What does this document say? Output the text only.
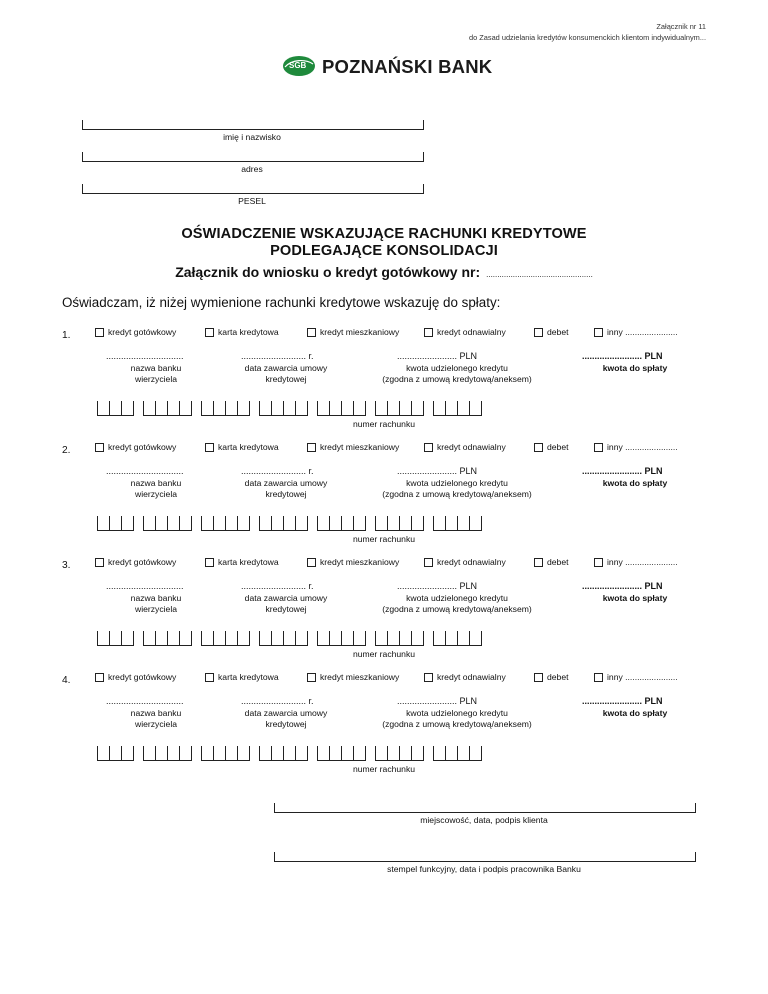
Załącznik nr 11
do Zasad udzielania kredytów konsumenckich klientom indywidualnym...
SGB POZNAŃSKI BANK
imię i nazwisko
adres
PESEL
OŚWIADCZENIE WSKAZUJĄCE RACHUNKI KREDYTOWE
PODLEGAJĄCE KONSOLIDACJI
Załącznik do wniosku o kredyt gotówkowy nr: ................................................
Oświadczam, iż niżej wymienione rachunki kredytowe wskazuję do spłaty:
1.	kredyt gotówkowy	karta kredytowa	kredyt mieszkaniowy	kredyt odnawialny	debet	inny ......................
...............................	.......................... r.	........................ PLN	........................ PLN
nazwa banku
wierzyciela
data zawarcia umowy
kredytowej
kwota udzielonego kredytu
(zgodna z umową kredytową/aneksem)
kwota do spłaty
numer rachunku
2.	kredyt gotówkowy	karta kredytowa	kredyt mieszkaniowy	kredyt odnawialny	debet	inny ......................
...............................	.......................... r.	........................ PLN	........................ PLN
nazwa banku
wierzyciela
data zawarcia umowy
kredytowej
kwota udzielonego kredytu
(zgodna z umową kredytową/aneksem)
kwota do spłaty
numer rachunku
3.	kredyt gotówkowy	karta kredytowa	kredyt mieszkaniowy	kredyt odnawialny	debet	inny ......................
...............................	.......................... r.	........................ PLN	........................ PLN
nazwa banku
wierzyciela
data zawarcia umowy
kredytowej
kwota udzielonego kredytu
(zgodna z umową kredytową/aneksem)
kwota do spłaty
numer rachunku
4.	kredyt gotówkowy	karta kredytowa	kredyt mieszkaniowy	kredyt odnawialny	debet	inny ......................
...............................	.......................... r.	........................ PLN	........................ PLN
nazwa banku
wierzyciela
data zawarcia umowy
kredytowej
kwota udzielonego kredytu
(zgodna z umową kredytową/aneksem)
kwota do spłaty
numer rachunku
miejscowość, data, podpis klienta
stempel funkcyjny, data i podpis pracownika Banku
